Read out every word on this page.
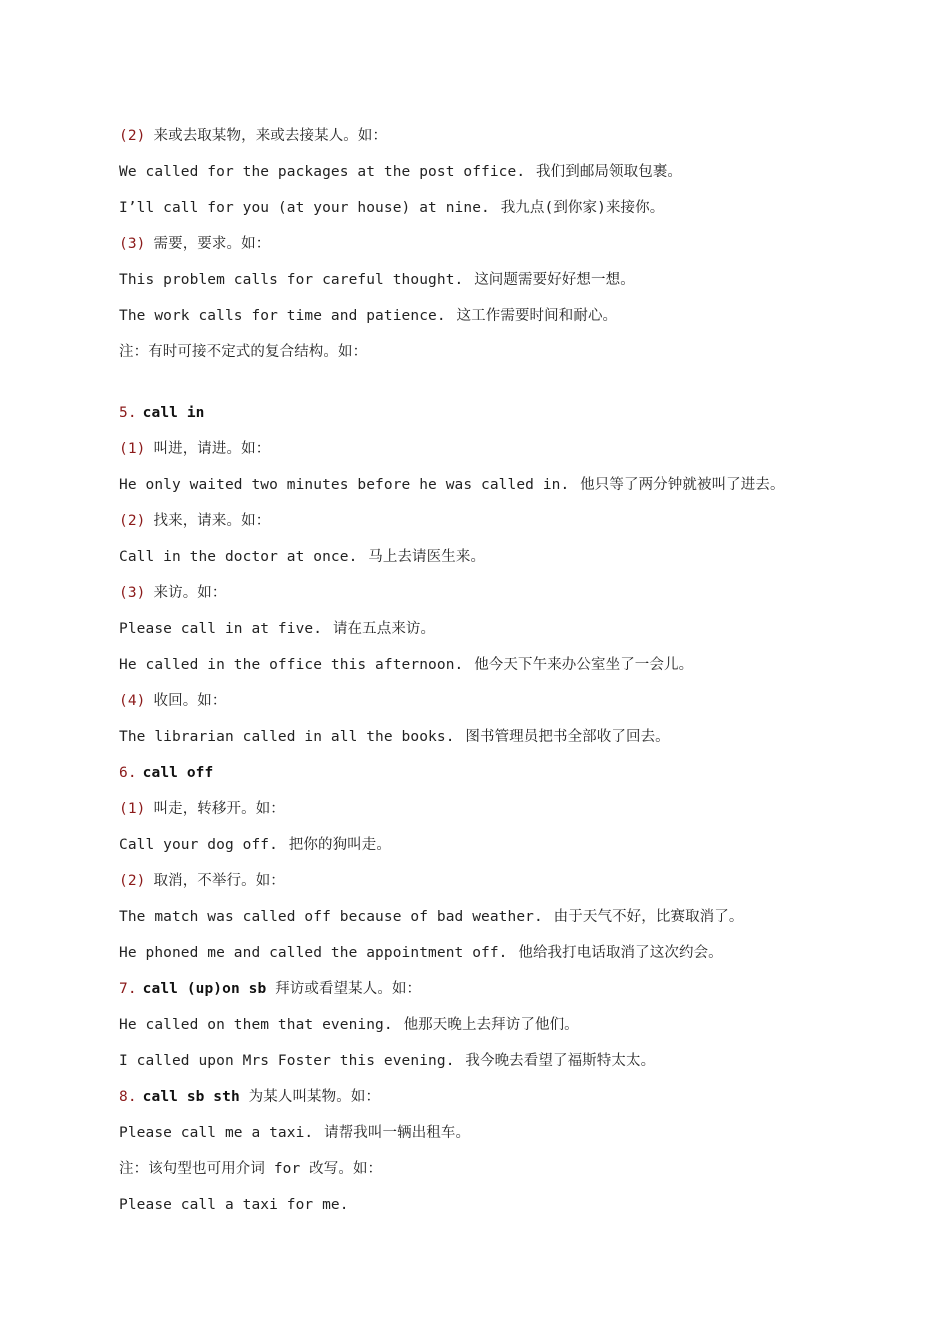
(2) 来或去取某物，来或去接某人。如：
We called for the packages at the post office. 我们到邮局领取包裹。
I’ll call for you (at your house) at nine. 我九点(到你家)来接你。
(3) 需要，要求。如：
This problem calls for careful thought. 这问题需要好好想一想。
The work calls for time and patience. 这工作需要时间和耐心。
注：有时可接不定式的复合结构。如：
5. call in
(1) 叫进，请进。如：
He only waited two minutes before he was called in. 他只等了两分钟就被叫了进去。
(2) 找来，请来。如：
Call in the doctor at once. 马上去请医生来。
(3) 来访。如：
Please call in at five. 请在五点来访。
He called in the office this afternoon. 他今天下午来办公室坐了一会儿。
(4) 收回。如：
The librarian called in all the books. 图书管理员把书全部收了回去。
6. call off
(1) 叫走，转移开。如：
Call your dog off. 把你的狗叫走。
(2) 取消，不举行。如：
The match was called off because of bad weather. 由于天气不好，比赛取消了。
He phoned me and called the appointment off. 他给我打电话取消了这次约会。
7. call (up)on sb 拜访或看望某人。如：
He called on them that evening. 他那天晚上去拜访了他们。
I called upon Mrs Foster this evening. 我今晚去看望了福斯特太太。
8. call sb sth 为某人叫某物。如：
Please call me a taxi. 请帮我叫一辆出租车。
注：该句型也可用介词 for 改写。如：
Please call a taxi for me.
